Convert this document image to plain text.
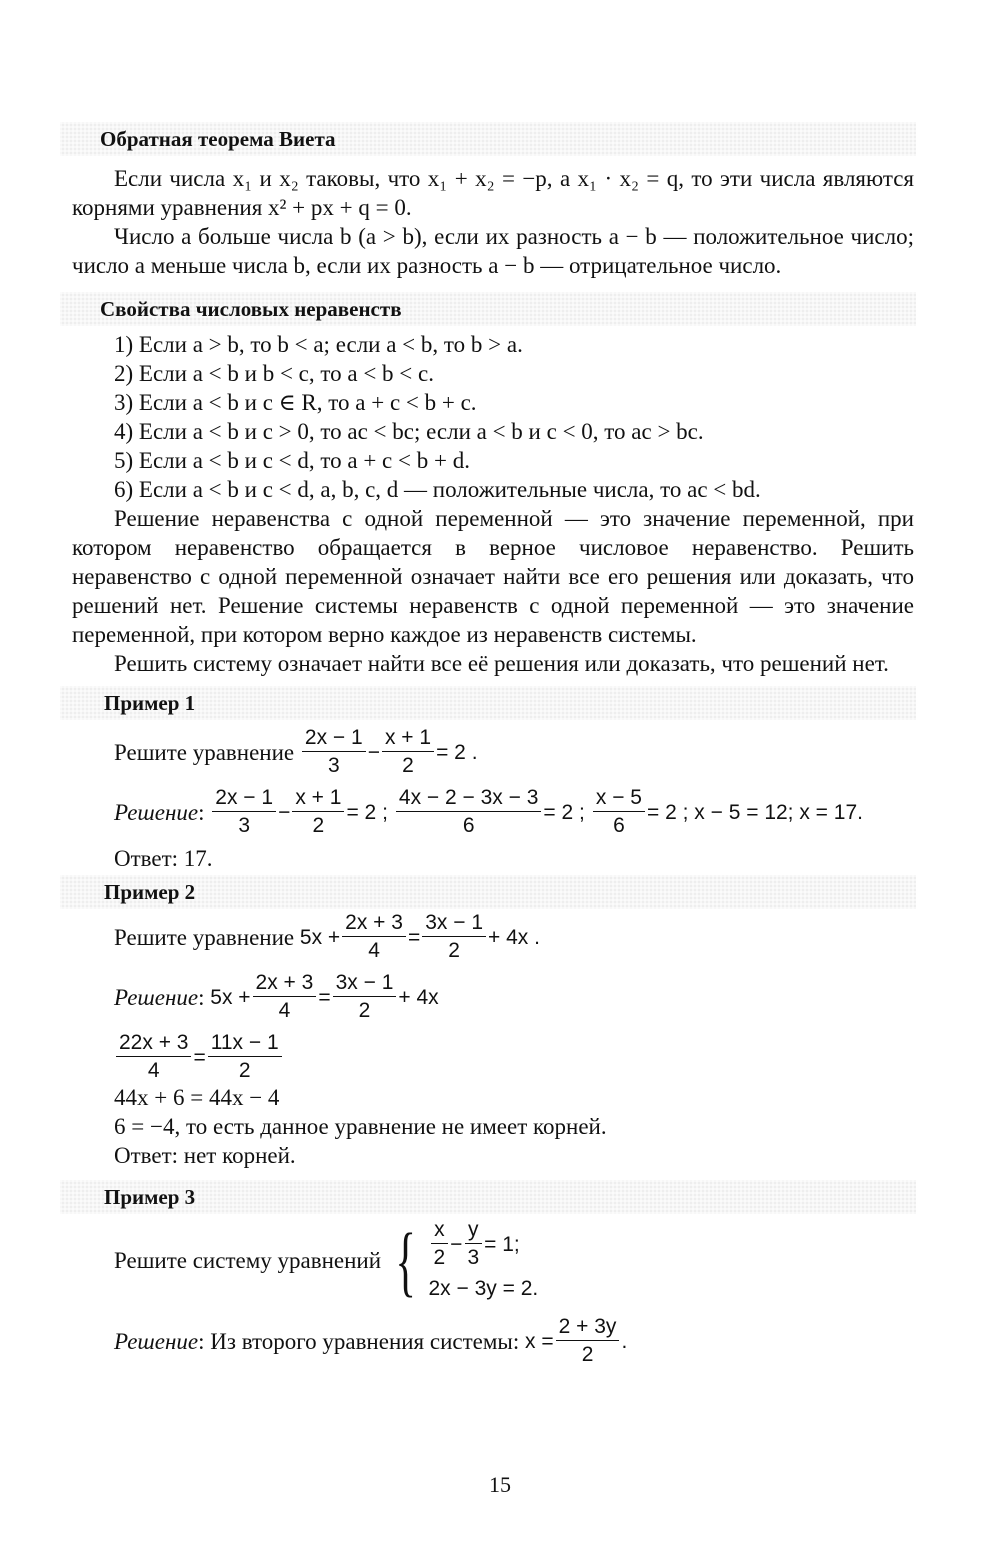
Обратная теорема Виета

Если числа x₁ и x₂ таковы, что x₁ + x₂ = −p, а x₁ · x₂ = q, то эти числа являются корнями уравнения x² + px + q = 0.

Число a больше числа b (a > b), если их разность a − b — положительное число; число a меньше числа b, если их разность a − b — отрицательное число.

Свойства числовых неравенств
1) Если a > b, то b < a; если a < b, то b > a.
2) Если a < b и b < c, то a < b < c.
3) Если a < b и c ∈ R, то a + c < b + c.
4) Если a < b и c > 0, то ac < bc; если a < b и c < 0, то ac > bc.
5) Если a < b и c < d, то a + c < b + d.
6) Если a < b и c < d, a, b, c, d — положительные числа, то ac < bd.

Решение неравенства с одной переменной — это значение переменной, при котором неравенство обращается в верное числовое неравенство. Решить неравенство с одной переменной означает найти все его решения или доказать, что решений нет. Решение системы неравенств с одной переменной — это значение переменной, при котором верно каждое из неравенств системы.

Решить систему означает найти все её решения или доказать, что решений нет.

Пример 1
Решите уравнение
$\frac{2x - 1}{3} - \frac{x + 1}{2} = 2$ .
Решение :
$\frac{2x - 1}{3} - \frac{x + 1}{2} = 2$ ; $\frac{4x - 2 - 3x - 3}{6} = 2$ ; $\frac{x - 5}{6} = 2$ ; x − 5 = 12; x = 17.
Ответ: 17.
Пример 2
Решите уравнение
$5x + \frac{2x + 3}{4} = \frac{3x - 1}{2} + 4x$ .
Решение :
$5x + \frac{2x + 3}{4} = \frac{3x - 1}{2} + 4x$
$\frac{22x + 3}{4} = \frac{11x - 1}{2}$
44x + 6 = 44x − 4
6 = −4, то есть данное уравнение не имеет корней.
Ответ: нет корней.
Пример 3
Решите систему уравнений { $\frac{x}{2} - \frac{y}{3} = 1$;
2x − 3y = 2.
Решение : Из второго уравнения системы:
$x = \frac{2 + 3y}{2}$ .
15
